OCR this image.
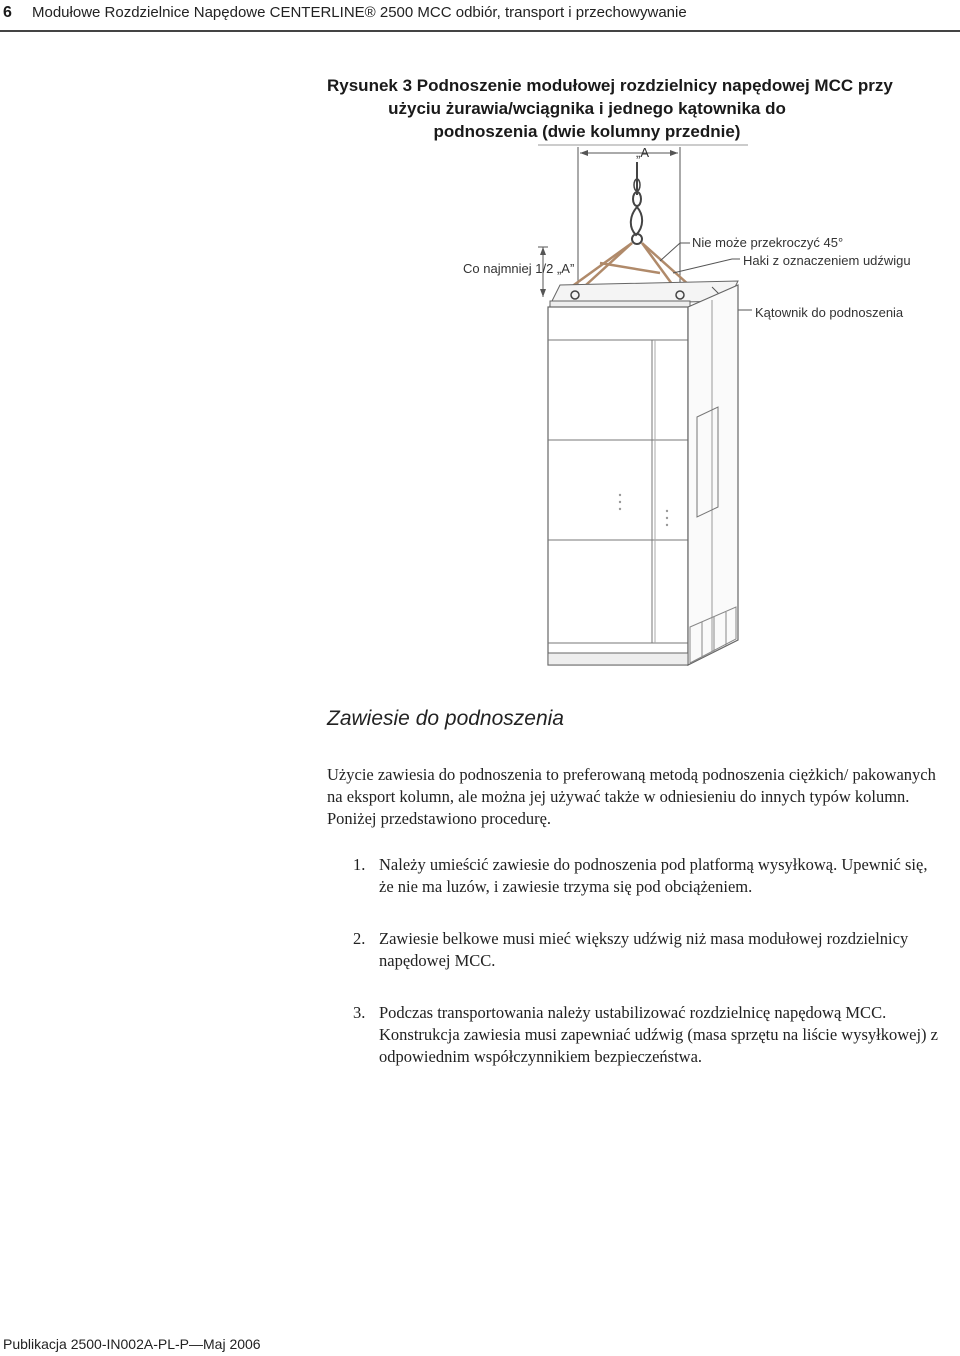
6 Modułowe Rozdzielnice Napędowe CENTERLINE® 2500 MCC odbiór, transport i przechowywanie
Rysunek 3 Podnoszenie modułowej rozdzielnicy napędowej MCC przy
użyciu żurawia/wciągnika i jednego kątownika do
podnoszenia (dwie kolumny przednie)
„A
Co najmniej 1/2 „A”
Nie może przekroczyć 45°
Haki z oznaczeniem udźwigu
Kątownik do podnoszenia
Zawiesie do podnoszenia
Użycie zawiesia do podnoszenia to preferowaną metodą podnoszenia ciężkich/ pakowanych na eksport kolumn, ale można jej używać także w odniesieniu do innych typów kolumn. Poniżej przedstawiono procedurę.
1. Należy umieścić zawiesie do podnoszenia pod platformą wysyłkową. Upewnić się, że nie ma luzów, i zawiesie trzyma się pod obciążeniem.
2. Zawiesie belkowe musi mieć większy udźwig niż masa modułowej rozdzielnicy napędowej MCC.
3. Podczas transportowania należy ustabilizować rozdzielnicę napędową MCC. Konstrukcja zawiesia musi zapewniać udźwig (masa sprzętu na liście wysyłkowej) z odpowiednim współczynnikiem bezpieczeństwa.
Publikacja 2500-IN002A-PL-P—Maj 2006
